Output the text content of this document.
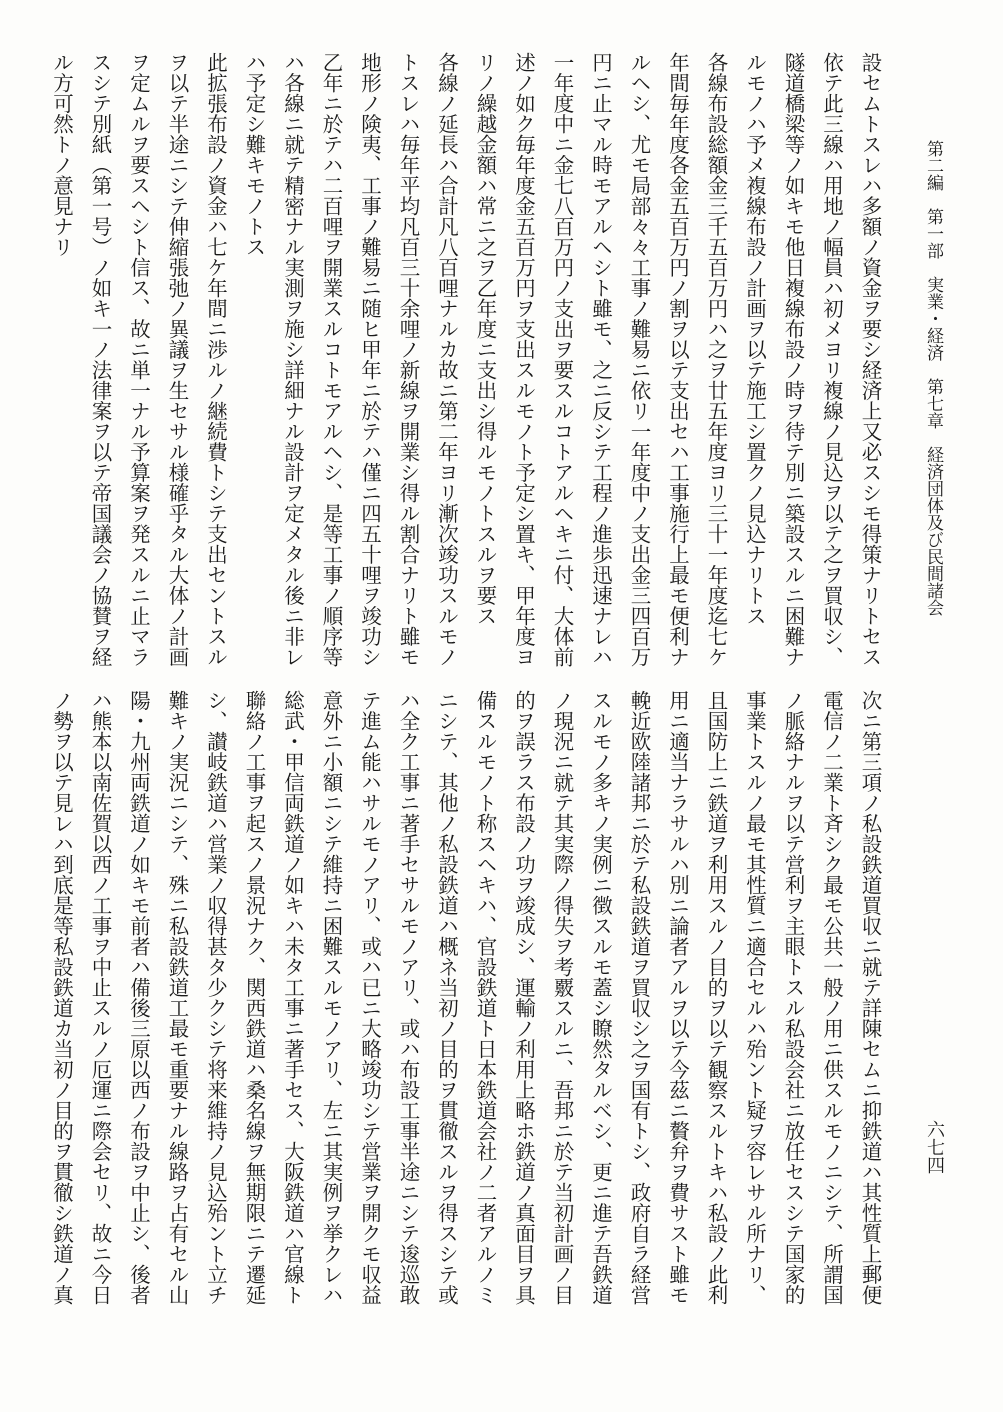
第二編　第一部　実業・経済　第七章　経済団体及び民間諸会
六七四
設セムトスレハ多額ノ資金ヲ要シ経済上又必スシモ得策ナリトセス
依テ此三線ハ用地ノ幅員ハ初メヨリ複線ノ見込ヲ以テ之ヲ買収シ、
隧道橋梁等ノ如キモ他日複線布設ノ時ヲ待テ別ニ築設スルニ困難ナ
ルモノハ予メ複線布設ノ計画ヲ以テ施工シ置クノ見込ナリトス
各線布設総額金三千五百万円ハ之ヲ廿五年度ヨリ三十一年度迄七ケ
年間毎年度各金五百万円ノ割ヲ以テ支出セハ工事施行上最モ便利ナ
ルヘシ、尤モ局部々々工事ノ難易ニ依リ一年度中ノ支出金三四百万
円ニ止マル時モアルヘシト雖モ、之ニ反シテ工程ノ進歩迅速ナレハ
一年度中ニ金七八百万円ノ支出ヲ要スルコトアルヘキニ付、大体前
述ノ如ク毎年度金五百万円ヲ支出スルモノト予定シ置キ、甲年度ヨ
リノ繰越金額ハ常ニ之ヲ乙年度ニ支出シ得ルモノトスルヲ要ス
各線ノ延長ハ合計凡八百哩ナルカ故ニ第二年ヨリ漸次竣功スルモノ
トスレハ毎年平均凡百三十余哩ノ新線ヲ開業シ得ル割合ナリト雖モ
地形ノ険夷、工事ノ難易ニ随ヒ甲年ニ於テハ僅ニ四五十哩ヲ竣功シ
乙年ニ於テハ二百哩ヲ開業スルコトモアルヘシ、是等工事ノ順序等
ハ各線ニ就テ精密ナル実測ヲ施シ詳細ナル設計ヲ定メタル後ニ非レ
ハ予定シ難キモノトス
此拡張布設ノ資金ハ七ケ年間ニ渉ルノ継続費トシテ支出セントスル
ヲ以テ半途ニシテ伸縮張弛ノ異議ヲ生セサル様確乎タル大体ノ計画
ヲ定ムルヲ要スヘシト信ス、故ニ単一ナル予算案ヲ発スルニ止マラ
スシテ別紙（第一号）ノ如キ一ノ法律案ヲ以テ帝国議会ノ協賛ヲ経
ル方可然トノ意見ナリ
次ニ第三項ノ私設鉄道買収ニ就テ詳陳セムニ抑鉄道ハ其性質上郵便
電信ノ二業ト斉シク最モ公共一般ノ用ニ供スルモノニシテ、所謂国
ノ脈絡ナルヲ以テ営利ヲ主眼トスル私設会社ニ放任セスシテ国家的
事業トスルノ最モ其性質ニ適合セルハ殆ント疑ヲ容レサル所ナリ、
且国防上ニ鉄道ヲ利用スルノ目的ヲ以テ観察スルトキハ私設ノ此利
用ニ適当ナラサルハ別ニ論者アルヲ以テ今茲ニ贅弁ヲ費サスト雖モ
輓近欧陸諸邦ニ於テ私設鉄道ヲ買収シ之ヲ国有トシ、政府自ラ経営
スルモノ多キノ実例ニ徴スルモ蓋シ瞭然タルベシ、更ニ進テ吾鉄道
ノ現況ニ就テ其実際ノ得失ヲ考覈スルニ、吾邦ニ於テ当初計画ノ目
的ヲ誤ラス布設ノ功ヲ竣成シ、運輸ノ利用上略ホ鉄道ノ真面目ヲ具
備スルモノト称スヘキハ、官設鉄道ト日本鉄道会社ノ二者アルノミ
ニシテ、其他ノ私設鉄道ハ概ネ当初ノ目的ヲ貫徹スルヲ得スシテ或
ハ全ク工事ニ著手セサルモノアリ、或ハ布設工事半途ニシテ逡巡敢
テ進ム能ハサルモノアリ、或ハ已ニ大略竣功シテ営業ヲ開クモ収益
意外ニ小額ニシテ維持ニ困難スルモノアリ、左ニ其実例ヲ挙クレハ
総武・甲信両鉄道ノ如キハ未タ工事ニ著手セス、大阪鉄道ハ官線ト
聯絡ノ工事ヲ起スノ景況ナク、関西鉄道ハ桑名線ヲ無期限ニテ遷延
シ、讃岐鉄道ハ営業ノ収得甚タ少クシテ将来維持ノ見込殆ント立チ
難キノ実況ニシテ、殊ニ私設鉄道工最モ重要ナル線路ヲ占有セル山
陽・九州両鉄道ノ如キモ前者ハ備後三原以西ノ布設ヲ中止シ、後者
ハ熊本以南佐賀以西ノ工事ヲ中止スルノ厄運ニ際会セリ、故ニ今日
ノ勢ヲ以テ見レハ到底是等私設鉄道カ当初ノ目的ヲ貫徹シ鉄道ノ真
